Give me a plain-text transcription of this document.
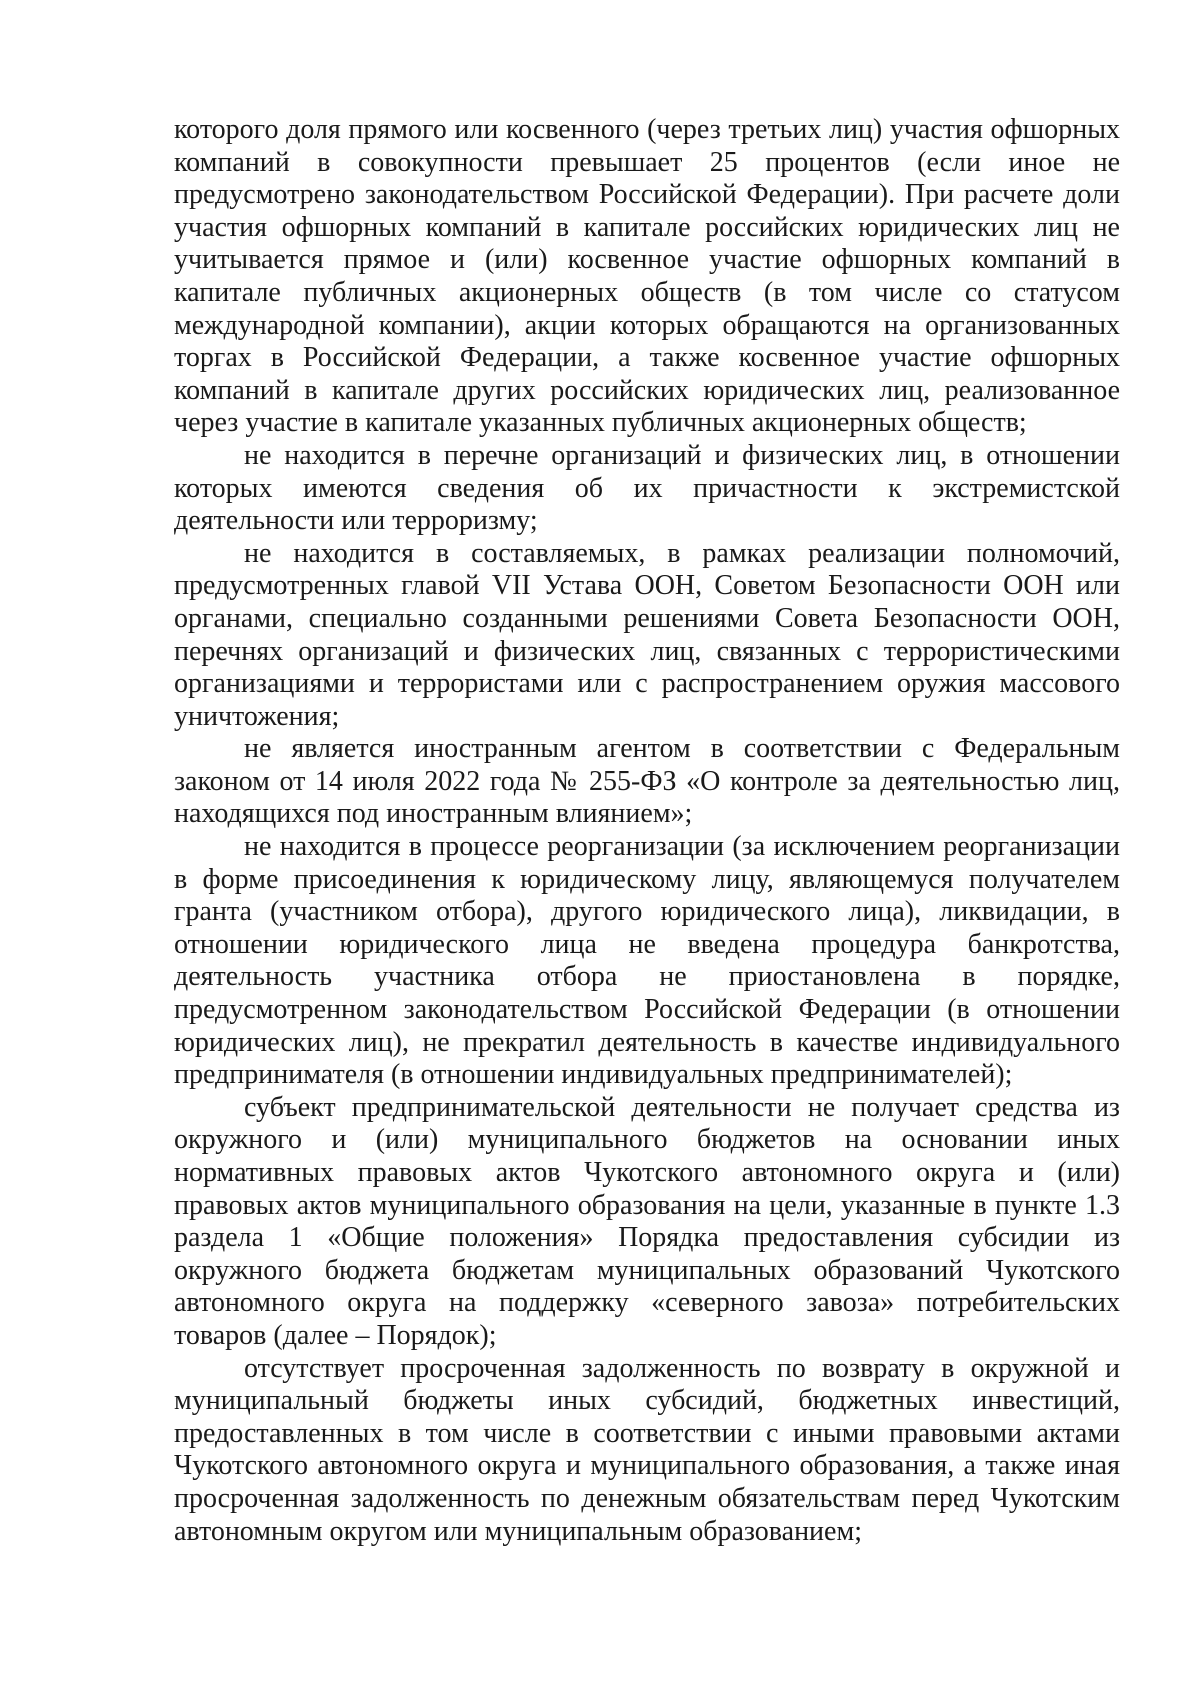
которого доля прямого или косвенного (через третьих лиц) участия офшорных компаний в совокупности превышает 25 процентов (если иное не предусмотрено законодательством Российской Федерации). При расчете доли участия офшорных компаний в капитале российских юридических лиц не учитывается прямое и (или) косвенное участие офшорных компаний в капитале публичных акционерных обществ (в том числе со статусом международной компании), акции которых обращаются на организованных торгах в Российской Федерации, а также косвенное участие офшорных компаний в капитале других российских юридических лиц, реализованное через участие в капитале указанных публичных акционерных обществ;

не находится в перечне организаций и физических лиц, в отношении которых имеются сведения об их причастности к экстремистской деятельности или терроризму;

не находится в составляемых, в рамках реализации полномочий, предусмотренных главой VII Устава ООН, Советом Безопасности ООН или органами, специально созданными решениями Совета Безопасности ООН, перечнях организаций и физических лиц, связанных с террористическими организациями и террористами или с распространением оружия массового уничтожения;

не является иностранным агентом в соответствии с Федеральным законом от 14 июля 2022 года № 255-ФЗ «О контроле за деятельностью лиц, находящихся под иностранным влиянием»;

не находится в процессе реорганизации (за исключением реорганизации в форме присоединения к юридическому лицу, являющемуся получателем гранта (участником отбора), другого юридического лица), ликвидации, в отношении юридического лица не введена процедура банкротства, деятельность участника отбора не приостановлена в порядке, предусмотренном законодательством Российской Федерации (в отношении юридических лиц), не прекратил деятельность в качестве индивидуального предпринимателя (в отношении индивидуальных предпринимателей);

субъект предпринимательской деятельности не получает средства из окружного и (или) муниципального бюджетов на основании иных нормативных правовых актов Чукотского автономного округа и (или) правовых актов муниципального образования на цели, указанные в пункте 1.3 раздела 1 «Общие положения» Порядка предоставления субсидии из окружного бюджета бюджетам муниципальных образований Чукотского автономного округа на поддержку «северного завоза» потребительских товаров (далее – Порядок);

отсутствует просроченная задолженность по возврату в окружной и муниципальный бюджеты иных субсидий, бюджетных инвестиций, предоставленных в том числе в соответствии с иными правовыми актами Чукотского автономного округа и муниципального образования, а также иная просроченная задолженность по денежным обязательствам перед Чукотским автономным округом или муниципальным образованием;
